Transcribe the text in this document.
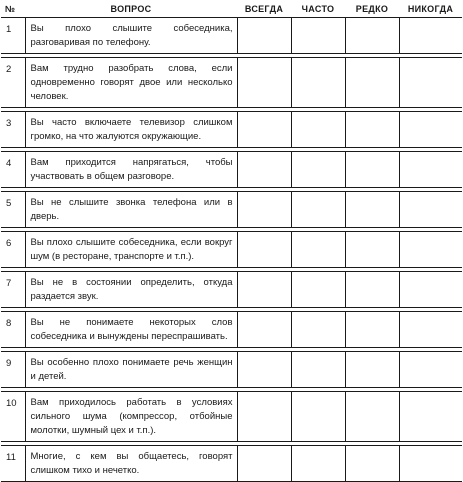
№	ВОПРОС	ВСЕГДА	ЧАСТО	РЕДКО	НИКОГДА
1	Вы плохо слышите собеседника, разговаривая по телефону.				

2	Вам трудно разобрать слова, если одновременно говорят двое или несколько человек.				

3	Вы часто включаете телевизор слишком громко, на что жалуются окружающие.				

4	Вам приходится напрягаться, чтобы участвовать в общем разговоре.				

5	Вы не слышите звонка телефона или в дверь.				

6	Вы плохо слышите собеседника, если вокруг шум (в ресторане, транспорте и т.п.).				

7	Вы не в состоянии определить, откуда раздается звук.				

8	Вы не понимаете некоторых слов собеседника и вынуждены переспрашивать.				

9	Вы особенно плохо понимаете речь женщин и детей.				

10	Вам приходилось работать в условиях сильного шума (компрессор, отбойные молотки, шумный цех и т.п.).				

11	Многие, с кем вы общаетесь, говорят слишком тихо и нечетко.				
